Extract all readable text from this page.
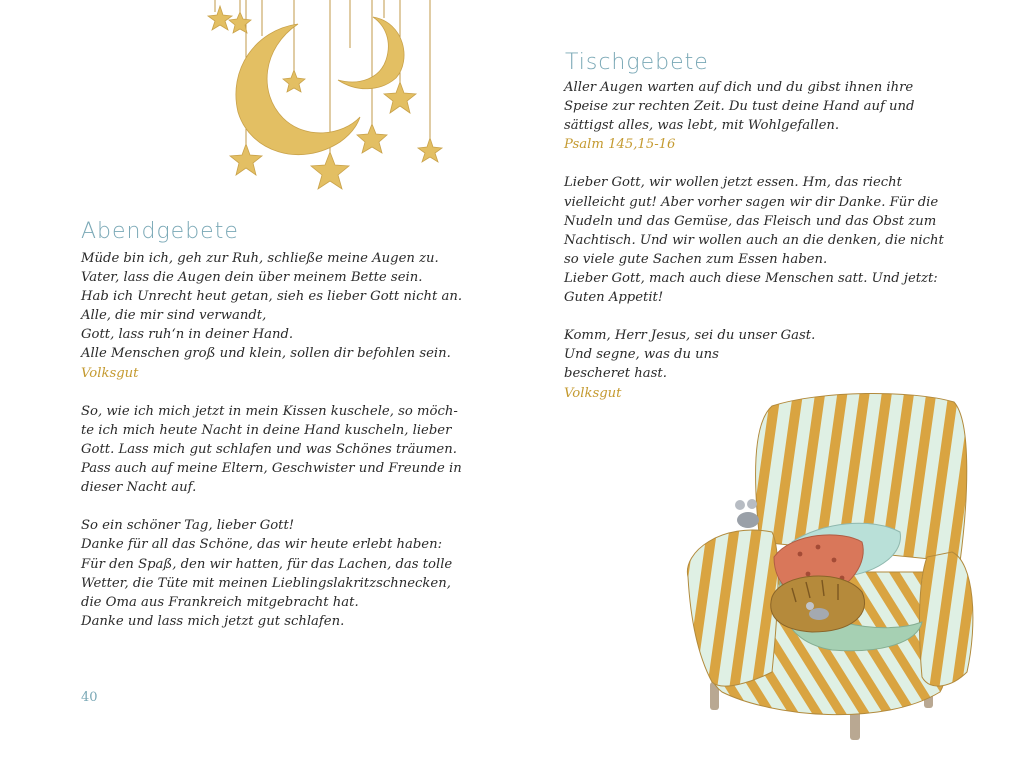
Abendgebete
Müde bin ich, geh zur Ruh, schließe meine Augen zu.
Vater, lass die Augen dein über meinem Bette sein.
Hab ich Unrecht heut getan, sieh es lieber Gott nicht an.
Alle, die mir sind verwandt,
Gott, lass ruh‘n in deiner Hand.
Alle Menschen groß und klein, sollen dir befohlen sein.
Volksgut
So, wie ich mich jetzt in mein Kissen kuschele, so möch-
te ich mich heute Nacht in deine Hand kuscheln, lieber
Gott. Lass mich gut schlafen und was Schönes träumen.
Pass auch auf meine Eltern, Geschwister und Freunde in
dieser Nacht auf.
So ein schöner Tag, lieber Gott!
Danke für all das Schöne, das wir heute erlebt haben:
Für den Spaß, den wir hatten, für das Lachen, das tolle
Wetter, die Tüte mit meinen Lieblingslakritzschnecken,
die Oma aus Frankreich mitgebracht hat.
Danke und lass mich jetzt gut schlafen.
40
Tischgebete
Aller Augen warten auf dich und du gibst ihnen ihre
Speise zur rechten Zeit. Du tust deine Hand auf und
sättigst alles, was lebt, mit Wohlgefallen.
Psalm 145,15-16
Lieber Gott, wir wollen jetzt essen. Hm, das riecht
vielleicht gut! Aber vorher sagen wir dir Danke. Für die
Nudeln und das Gemüse, das Fleisch und das Obst zum
Nachtisch. Und wir wollen auch an die denken, die nicht
so viele gute Sachen zum Essen haben.
Lieber Gott, mach auch diese Menschen satt. Und jetzt:
Guten Appetit!
Komm, Herr Jesus, sei du unser Gast.
Und segne, was du uns
bescheret hast.
Volksgut
